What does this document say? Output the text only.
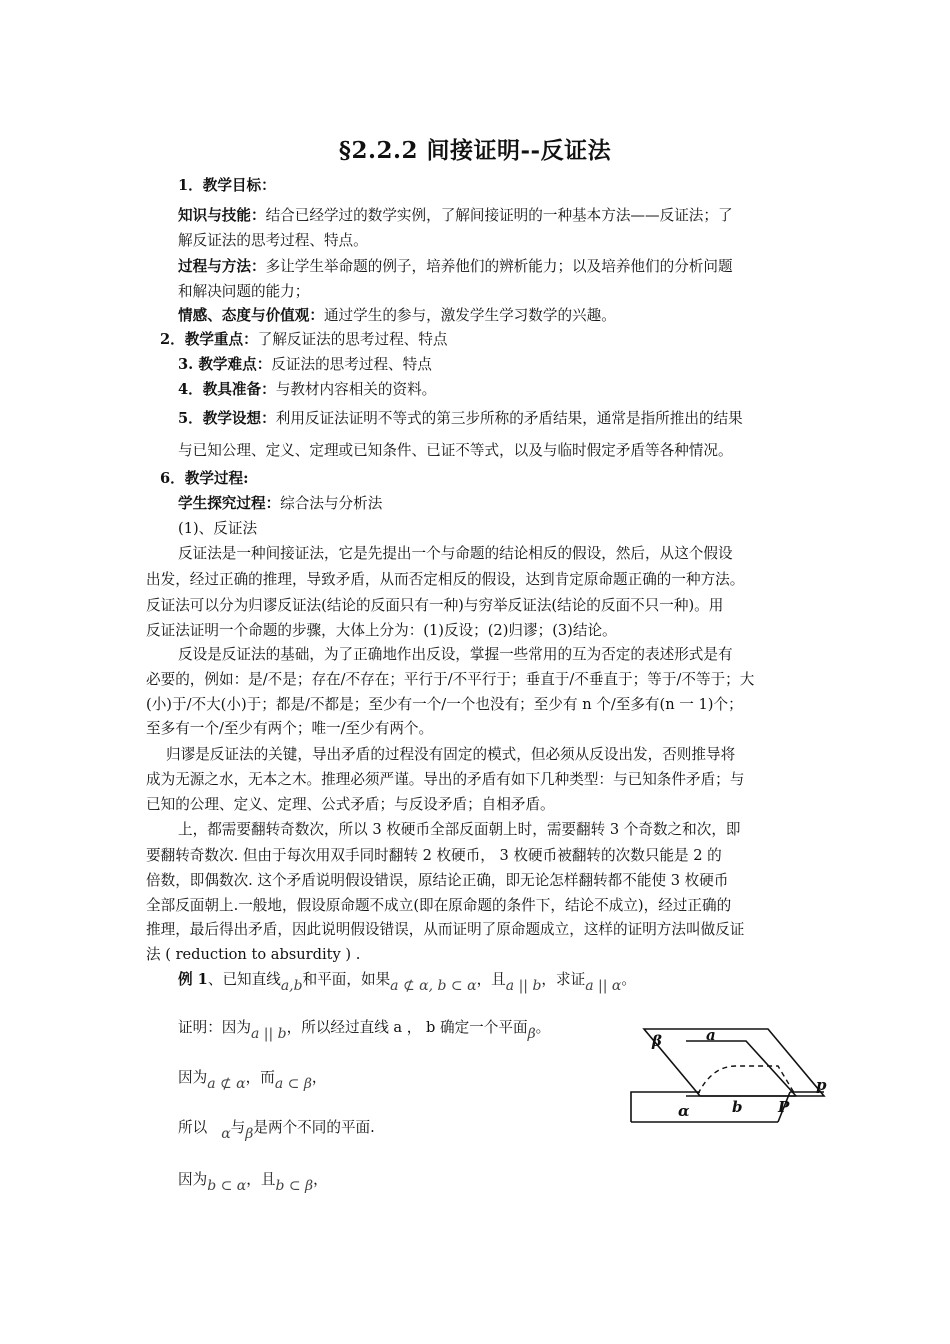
§2.2.2 间接证明--反证法
1．教学目标：
知识与技能：结合已经学过的数学实例，了解间接证明的一种基本方法——反证法；了
解反证法的思考过程、特点。
过程与方法：多让学生举命题的例子，培养他们的辨析能力；以及培养他们的分析问题
和解决问题的能力；
情感、态度与价值观：通过学生的参与，激发学生学习数学的兴趣。
2．教学重点：了解反证法的思考过程、特点
3. 教学难点：反证法的思考过程、特点
4．教具准备：与教材内容相关的资料。
5．教学设想：利用反证法证明不等式的第三步所称的矛盾结果，通常是指所推出的结果
与已知公理、定义、定理或已知条件、已证不等式，以及与临时假定矛盾等各种情况。
6．教学过程:
学生探究过程：综合法与分析法
(1)、反证法
反证法是一种间接证法，它是先提出一个与命题的结论相反的假设，然后，从这个假设
出发，经过正确的推理，导致矛盾，从而否定相反的假设，达到肯定原命题正确的一种方法。
反证法可以分为归谬反证法(结论的反面只有一种)与穷举反证法(结论的反面不只一种)。用
反证法证明一个命题的步骤，大体上分为：(1)反设；(2)归谬；(3)结论。
反设是反证法的基础，为了正确地作出反设，掌握一些常用的互为否定的表述形式是有
必要的，例如：是/不是；存在/不存在；平行于/不平行于；垂直于/不垂直于；等于/不等于；大
(小)于/不大(小)于；都是/不都是；至少有一个/一个也没有；至少有 n 个/至多有(n 一 1)个；
至多有一个/至少有两个；唯一/至少有两个。
归谬是反证法的关键，导出矛盾的过程没有固定的模式，但必须从反设出发，否则推导将
成为无源之水，无本之木。推理必须严谨。导出的矛盾有如下几种类型：与已知条件矛盾；与
已知的公理、定义、定理、公式矛盾；与反设矛盾；自相矛盾。
上，都需要翻转奇数次，所以 3 枚硬币全部反面朝上时，需要翻转 3 个奇数之和次，即
要翻转奇数次. 但由于每次用双手同时翻转 2 枚硬币， 3 枚硬币被翻转的次数只能是 2 的
倍数，即偶数次. 这个矛盾说明假设错误，原结论正确，即无论怎样翻转都不能使 3 枚硬币
全部反面朝上.一般地，假设原命题不成立(即在原命题的条件下，结论不成立)，经过正确的
推理，最后得出矛盾，因此说明假设错误，从而证明了原命题成立，这样的证明方法叫做反证
法 ( reduction to absurdity ) .
例 1、已知直线a,b和平面，如果a ⊄ α, b ⊂ α，且a || b，求证a || α。
证明：因为a || b，所以经过直线 a ， b 确定一个平面β。
因为a ⊄ α，而a ⊂ β，
所以 α与β是两个不同的平面.
因为b ⊂ α，且b ⊂ β，
β	a
p
α	b P
